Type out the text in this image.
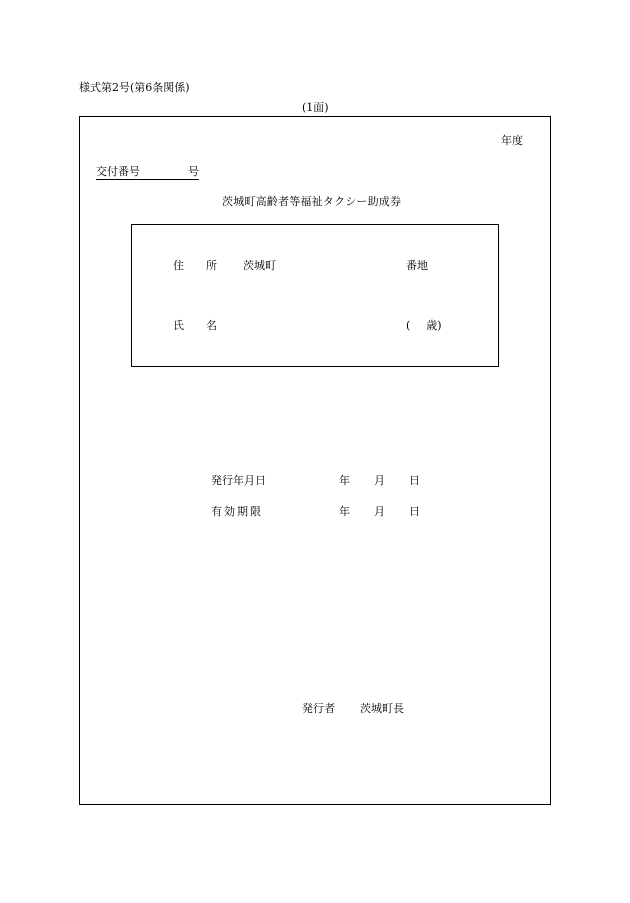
様式第2号(第6条関係)
(1面)
年度
交付番号	号
茨城町高齢者等福祉タクシー助成券
住 所 茨城町	番地
氏 名	( 歳)
発行年月日	年 月 日
有効期限	年 月 日
発行者 茨城町長
